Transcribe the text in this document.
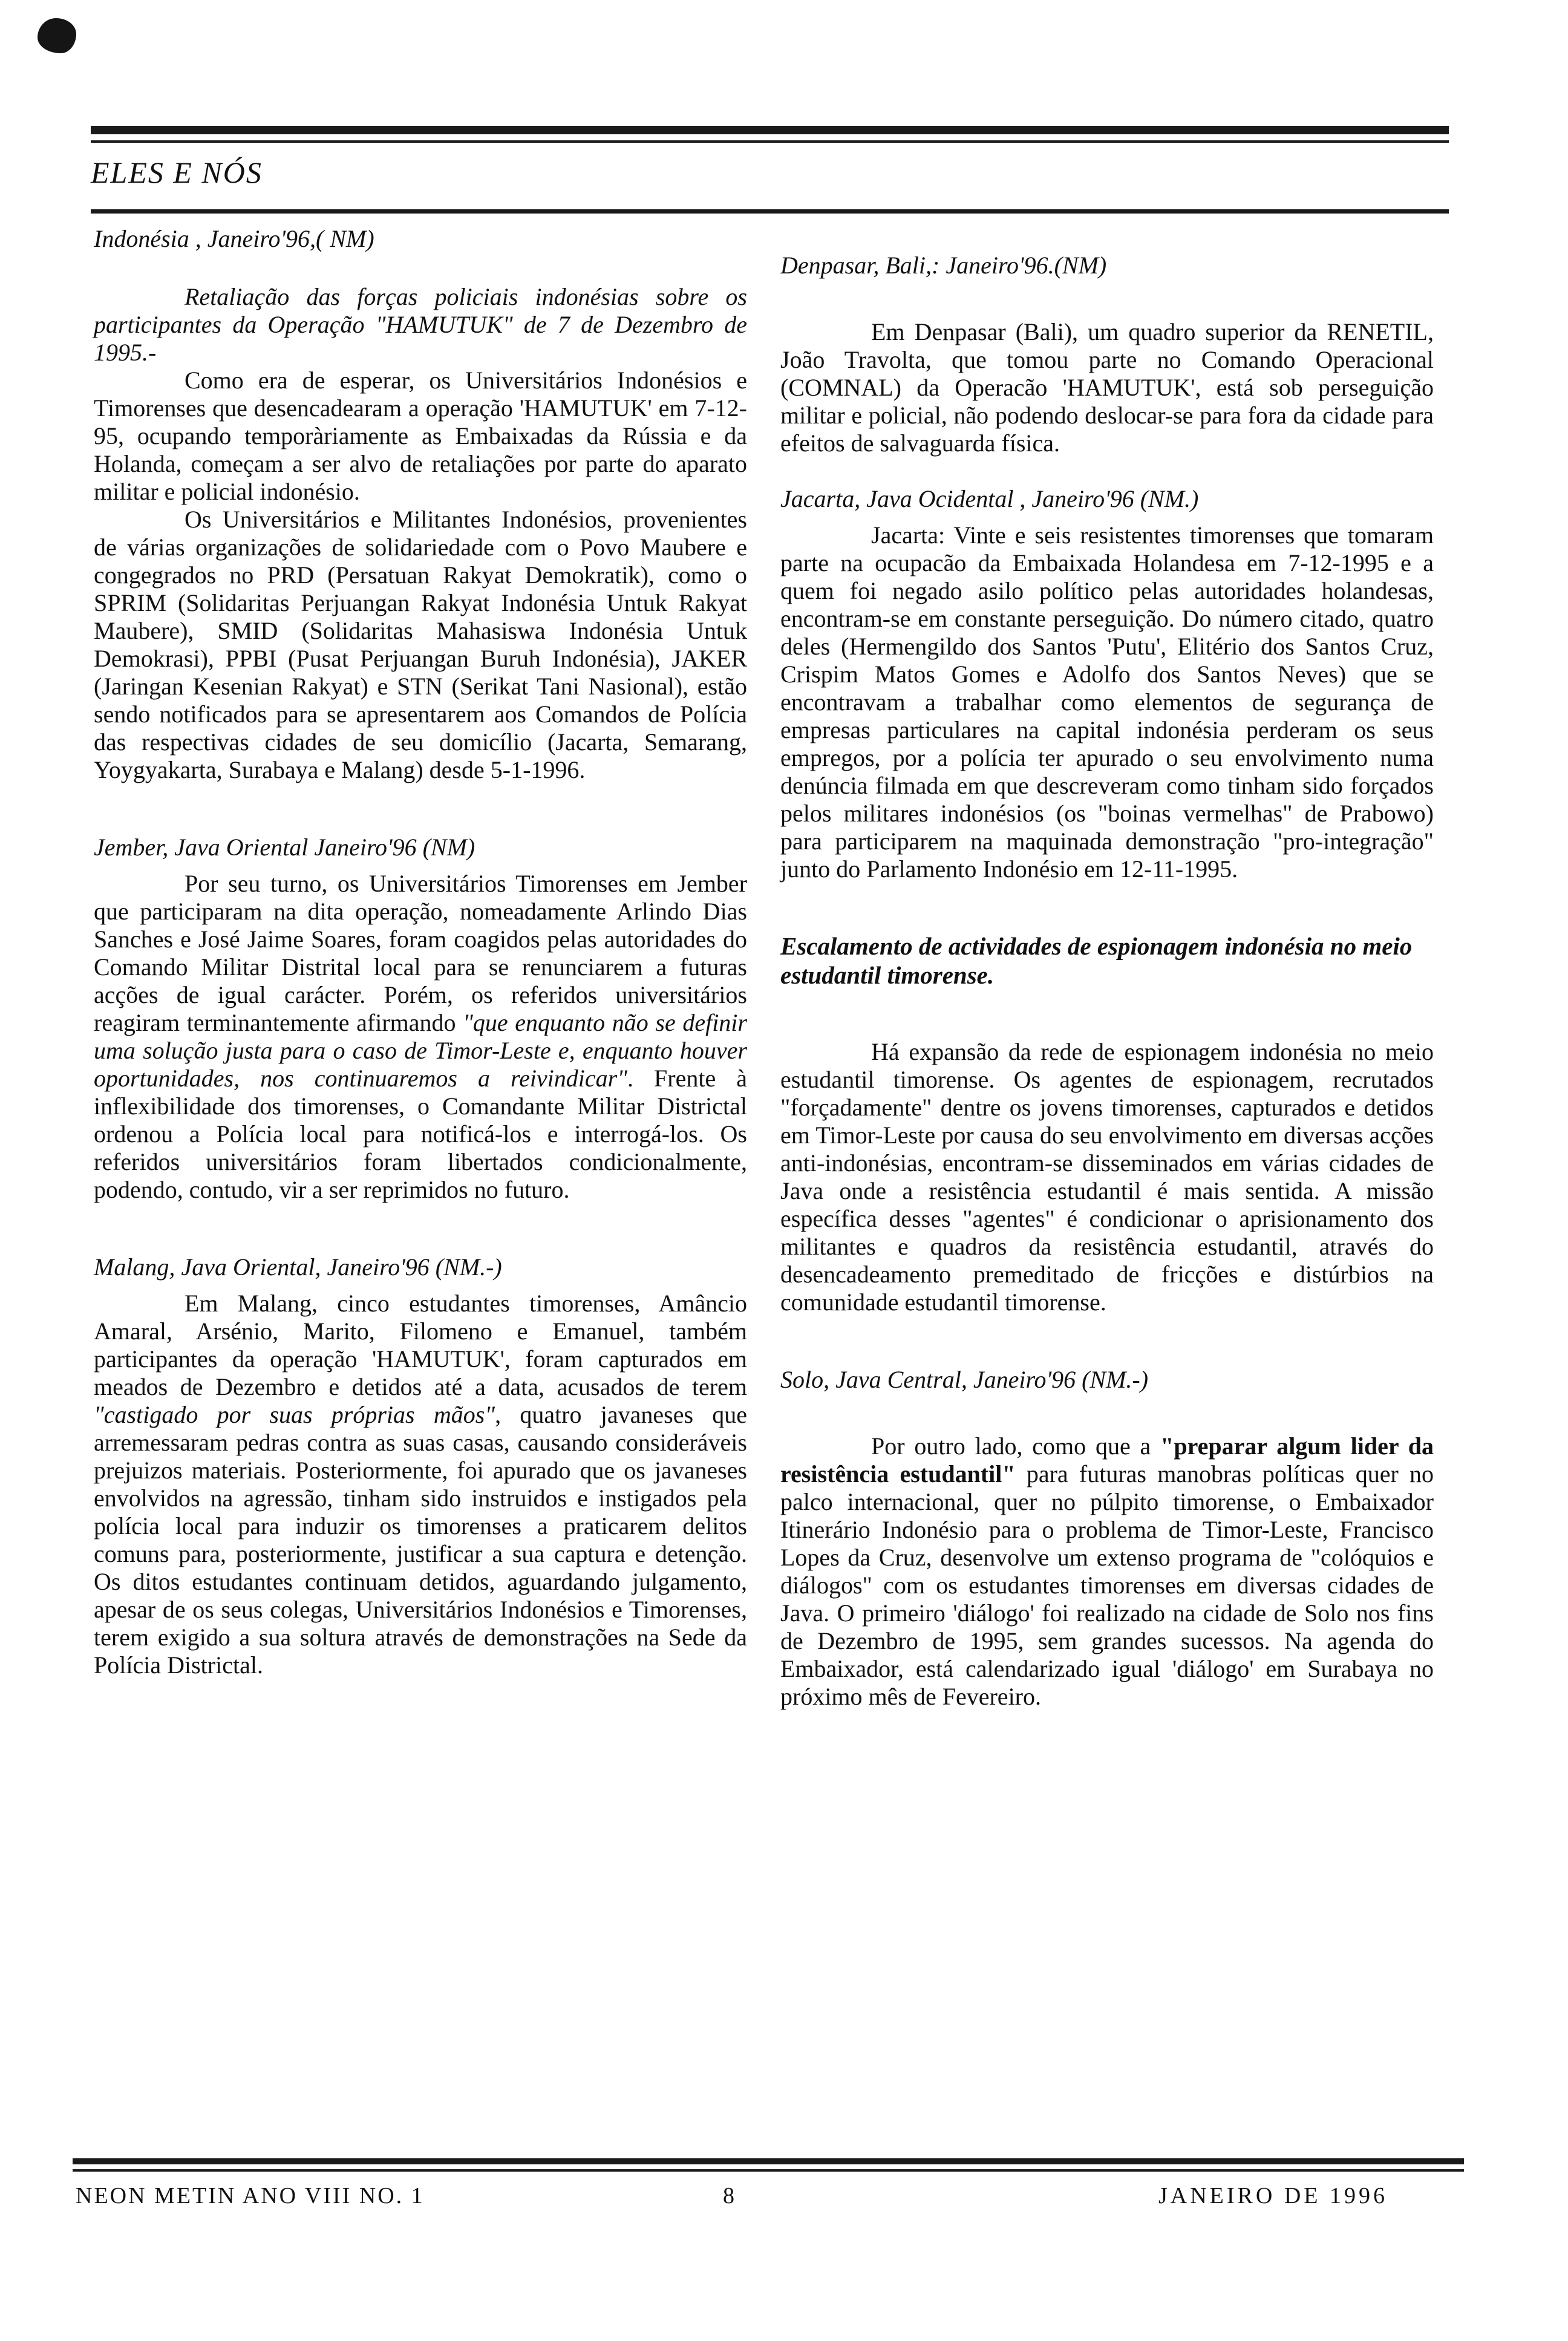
ELES E NÓS

Indonésia , Janeiro'96,( NM)

Retaliação das forças policiais indonésias sobre os participantes da Operação "HAMUTUK" de 7 de Dezembro de 1995.-

Como era de esperar, os Universitários Indonésios e Timorenses que desencadearam a operação 'HAMUTUK' em 7-12-95, ocupando temporàriamente as Embaixadas da Rússia e da Holanda, começam a ser alvo de retaliações por parte do aparato militar e policial indonésio.

Os Universitários e Militantes Indonésios, provenientes de várias organizações de solidariedade com o Povo Maubere e congegrados no PRD (Persatuan Rakyat Demokratik), como o SPRIM (Solidaritas Perjuangan Rakyat Indonésia Untuk Rakyat Maubere), SMID (Solidaritas Mahasiswa Indonésia Untuk Demokrasi), PPBI (Pusat Perjuangan Buruh Indonésia), JAKER (Jaringan Kesenian Rakyat) e STN (Serikat Tani Nasional), estão sendo notificados para se apresentarem aos Comandos de Polícia das respectivas cidades de seu domicílio (Jacarta, Semarang, Yoygyakarta, Surabaya e Malang) desde 5-1-1996.

Jember, Java Oriental Janeiro'96 (NM)

Por seu turno, os Universitários Timorenses em Jember que participaram na dita operação, nomeadamente Arlindo Dias Sanches e José Jaime Soares, foram coagidos pelas autoridades do Comando Militar Distrital local para se renunciarem a futuras acções de igual carácter. Porém, os referidos universitários reagiram terminantemente afirmando "que enquanto não se definir uma solução justa para o caso de Timor-Leste e, enquanto houver oportunidades, nos continuaremos a reivindicar". Frente à inflexibilidade dos timorenses, o Comandante Militar Districtal ordenou a Polícia local para notificá-los e interrogá-los. Os referidos universitários foram libertados condicionalmente, podendo, contudo, vir a ser reprimidos no futuro.

Malang, Java Oriental, Janeiro'96 (NM.-)

Em Malang, cinco estudantes timorenses, Amâncio Amaral, Arsénio, Marito, Filomeno e Emanuel, também participantes da operação 'HAMUTUK', foram capturados em meados de Dezembro e detidos até a data, acusados de terem "castigado por suas próprias mãos", quatro javaneses que arremessaram pedras contra as suas casas, causando consideráveis prejuizos materiais. Posteriormente, foi apurado que os javaneses envolvidos na agressão, tinham sido instruidos e instigados pela polícia local para induzir os timorenses a praticarem delitos comuns para, posteriormente, justificar a sua captura e detenção. Os ditos estudantes continuam detidos, aguardando julgamento, apesar de os seus colegas, Universitários Indonésios e Timorenses, terem exigido a sua soltura através de demonstrações na Sede da Polícia Districtal.

Denpasar, Bali,: Janeiro'96.(NM)

Em Denpasar (Bali), um quadro superior da RENETIL, João Travolta, que tomou parte no Comando Operacional (COMNAL) da Operacão 'HAMUTUK', está sob perseguição militar e policial, não podendo deslocar-se para fora da cidade para efeitos de salvaguarda física.

Jacarta, Java Ocidental , Janeiro'96 (NM.)

Jacarta: Vinte e seis resistentes timorenses que tomaram parte na ocupacão da Embaixada Holandesa em 7-12-1995 e a quem foi negado asilo político pelas autoridades holandesas, encontram-se em constante perseguição. Do número citado, quatro deles (Hermengildo dos Santos 'Putu', Elitério dos Santos Cruz, Crispim Matos Gomes e Adolfo dos Santos Neves) que se encontravam a trabalhar como elementos de segurança de empresas particulares na capital indonésia perderam os seus empregos, por a polícia ter apurado o seu envolvimento numa denúncia filmada em que descreveram como tinham sido forçados pelos militares indonésios (os "boinas vermelhas" de Prabowo) para participarem na maquinada demonstração "pro-integração" junto do Parlamento Indonésio em 12-11-1995.

Escalamento de actividades de espionagem indonésia no meio estudantil timorense.

Há expansão da rede de espionagem indonésia no meio estudantil timorense. Os agentes de espionagem, recrutados "forçadamente" dentre os jovens timorenses, capturados e detidos em Timor-Leste por causa do seu envolvimento em diversas acções anti-indonésias, encontram-se disseminados em várias cidades de Java onde a resistência estudantil é mais sentida. A missão específica desses "agentes" é condicionar o aprisionamento dos militantes e quadros da resistência estudantil, através do desencadeamento premeditado de fricções e distúrbios na comunidade estudantil timorense.

Solo, Java Central, Janeiro'96 (NM.-)

Por outro lado, como que a "preparar algum lider da resistência estudantil" para futuras manobras políticas quer no palco internacional, quer no púlpito timorense, o Embaixador Itinerário Indonésio para o problema de Timor-Leste, Francisco Lopes da Cruz, desenvolve um extenso programa de "colóquios e diálogos" com os estudantes timorenses em diversas cidades de Java. O primeiro 'diálogo' foi realizado na cidade de Solo nos fins de Dezembro de 1995, sem grandes sucessos. Na agenda do Embaixador, está calendarizado igual 'diálogo' em Surabaya no próximo mês de Fevereiro.

NEON METIN ANO VIII NO. 1	8	JANEIRO DE 1996
